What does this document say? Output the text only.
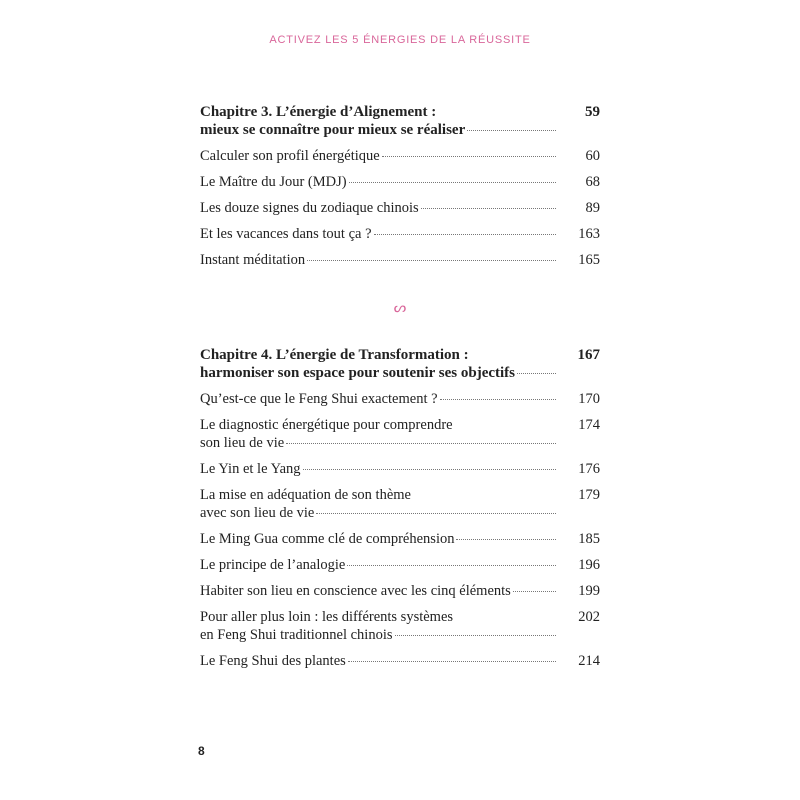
ACTIVEZ LES 5 ÉNERGIES DE LA RÉUSSITE
Chapitre 3. L’énergie d’Alignement :
mieux se connaître pour mieux se réaliser
59
Calculer son profil énergétique	60
Le Maître du Jour (MDJ)	68
Les douze signes du zodiaque chinois	89
Et les vacances dans tout ça ?	163
Instant méditation	165
ᔕ
Chapitre 4. L’énergie de Transformation :
harmoniser son espace pour soutenir ses objectifs
167
Qu’est-ce que le Feng Shui exactement ?	170
Le diagnostic énergétique pour comprendre
son lieu de vie
174
Le Yin et le Yang	176
La mise en adéquation de son thème
avec son lieu de vie
179
Le Ming Gua comme clé de compréhension	185
Le principe de l’analogie	196
Habiter son lieu en conscience avec les cinq éléments	199
Pour aller plus loin : les différents systèmes
en Feng Shui traditionnel chinois
202
Le Feng Shui des plantes	214
8
